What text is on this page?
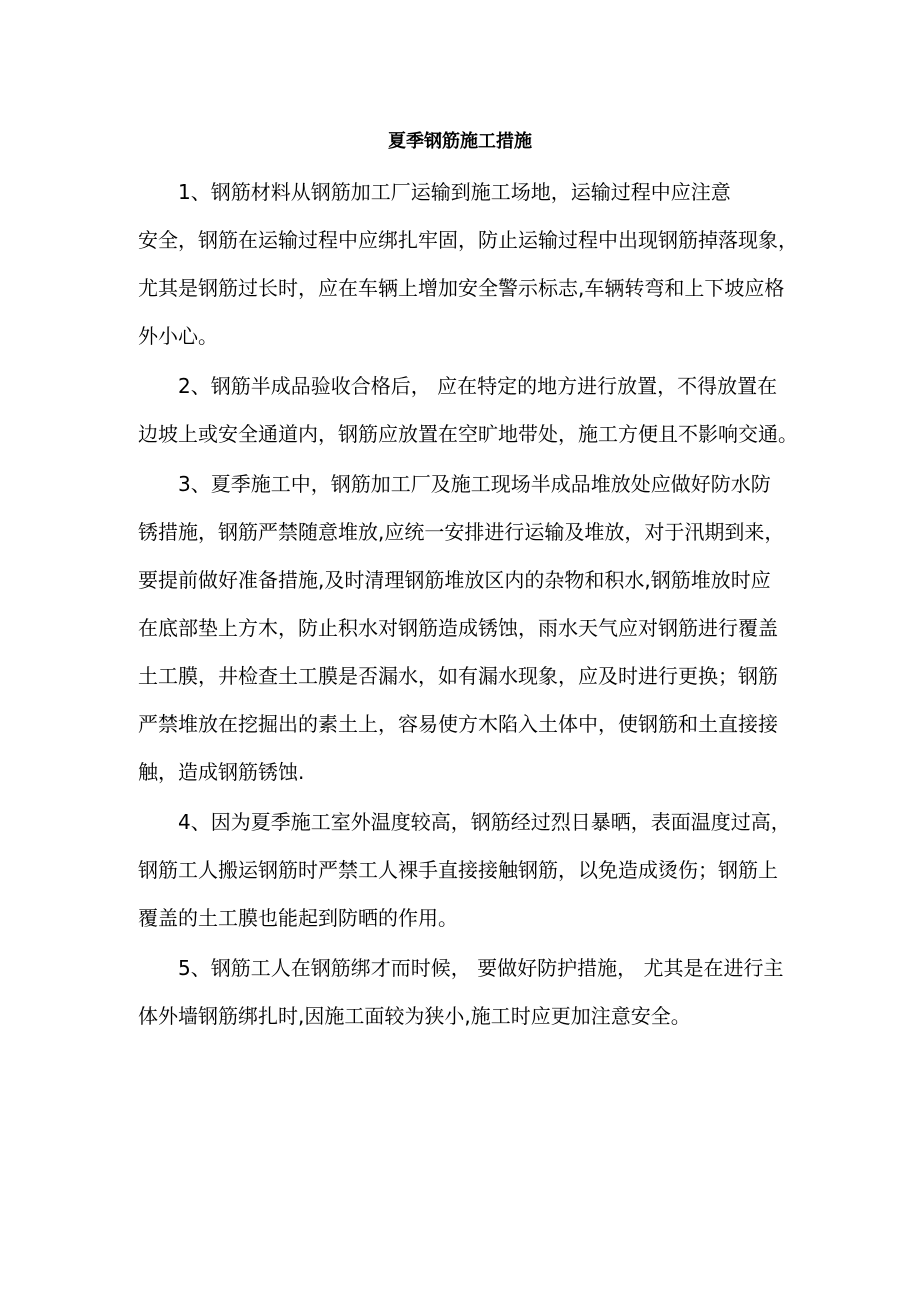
夏季钢筋施工措施

1、钢筋材料从钢筋加工厂运输到施工场地，运输过程中应注意
安全，钢筋在运输过程中应绑扎牢固，防止运输过程中出现钢筋掉落现象，
尤其是钢筋过长时，应在车辆上增加安全警示标志,车辆转弯和上下坡应格
外小心。

2、钢筋半成品验收合格后， 应在特定的地方进行放置，不得放置在
边坡上或安全通道内，钢筋应放置在空旷地带处，施工方便且不影响交通。

3、夏季施工中，钢筋加工厂及施工现场半成品堆放处应做好防水防
锈措施，钢筋严禁随意堆放,应统一安排进行运输及堆放，对于汛期到来，
要提前做好准备措施,及时清理钢筋堆放区内的杂物和积水,钢筋堆放时应
在底部垫上方木，防止积水对钢筋造成锈蚀，雨水天气应对钢筋进行覆盖
土工膜，井检查土工膜是否漏水，如有漏水现象，应及时进行更换；钢筋
严禁堆放在挖掘出的素土上，容易使方木陷入土体中，使钢筋和土直接接
触，造成钢筋锈蚀.

4、因为夏季施工室外温度较高，钢筋经过烈日暴晒，表面温度过高，
钢筋工人搬运钢筋时严禁工人裸手直接接触钢筋，以免造成烫伤；钢筋上
覆盖的土工膜也能起到防晒的作用。

5、钢筋工人在钢筋绑才而时候， 要做好防护措施， 尤其是在进行主
体外墙钢筋绑扎时,因施工面较为狭小,施工时应更加注意安全。
